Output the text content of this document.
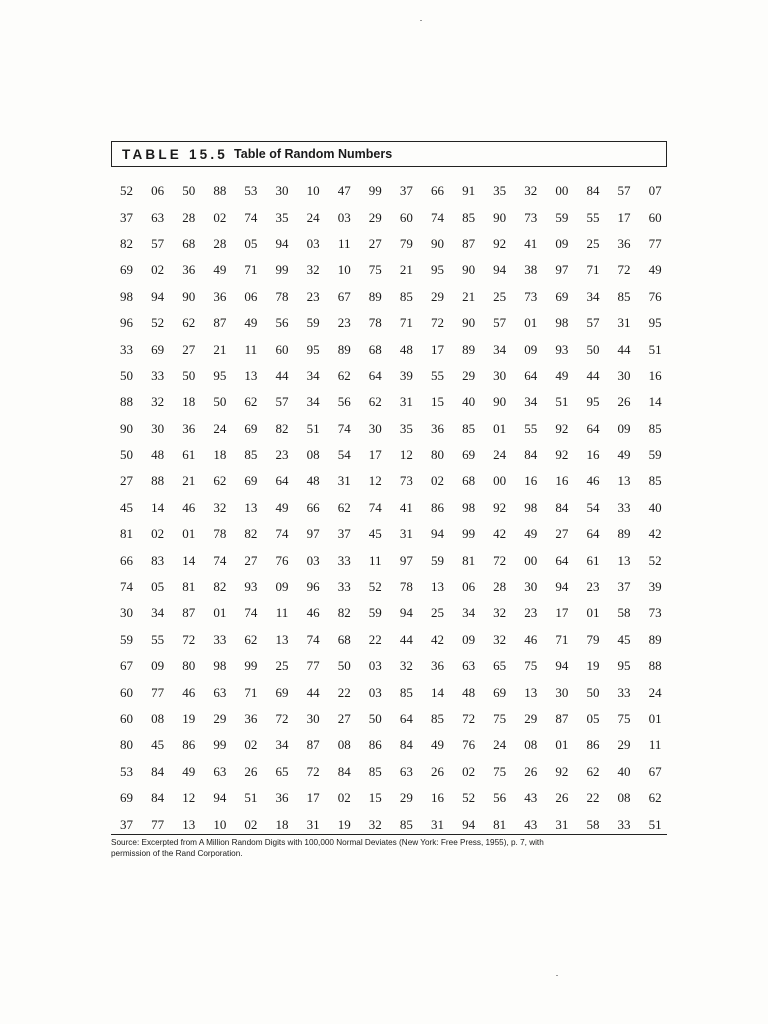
TABLE 15.5 Table of Random Numbers
52	06	50	88	53	30	10	47	99	37	66	91	35	32	00	84	57	07
37	63	28	02	74	35	24	03	29	60	74	85	90	73	59	55	17	60
82	57	68	28	05	94	03	11	27	79	90	87	92	41	09	25	36	77
69	02	36	49	71	99	32	10	75	21	95	90	94	38	97	71	72	49
98	94	90	36	06	78	23	67	89	85	29	21	25	73	69	34	85	76
96	52	62	87	49	56	59	23	78	71	72	90	57	01	98	57	31	95
33	69	27	21	11	60	95	89	68	48	17	89	34	09	93	50	44	51
50	33	50	95	13	44	34	62	64	39	55	29	30	64	49	44	30	16
88	32	18	50	62	57	34	56	62	31	15	40	90	34	51	95	26	14
90	30	36	24	69	82	51	74	30	35	36	85	01	55	92	64	09	85
50	48	61	18	85	23	08	54	17	12	80	69	24	84	92	16	49	59
27	88	21	62	69	64	48	31	12	73	02	68	00	16	16	46	13	85
45	14	46	32	13	49	66	62	74	41	86	98	92	98	84	54	33	40
81	02	01	78	82	74	97	37	45	31	94	99	42	49	27	64	89	42
66	83	14	74	27	76	03	33	11	97	59	81	72	00	64	61	13	52
74	05	81	82	93	09	96	33	52	78	13	06	28	30	94	23	37	39
30	34	87	01	74	11	46	82	59	94	25	34	32	23	17	01	58	73
59	55	72	33	62	13	74	68	22	44	42	09	32	46	71	79	45	89
67	09	80	98	99	25	77	50	03	32	36	63	65	75	94	19	95	88
60	77	46	63	71	69	44	22	03	85	14	48	69	13	30	50	33	24
60	08	19	29	36	72	30	27	50	64	85	72	75	29	87	05	75	01
80	45	86	99	02	34	87	08	86	84	49	76	24	08	01	86	29	11
53	84	49	63	26	65	72	84	85	63	26	02	75	26	92	62	40	67
69	84	12	94	51	36	17	02	15	29	16	52	56	43	26	22	08	62
37	77	13	10	02	18	31	19	32	85	31	94	81	43	31	58	33	51
Source: Excerpted from A Million Random Digits with 100,000 Normal Deviates (New York: Free Press, 1955), p. 7, with
permission of the Rand Corporation.
